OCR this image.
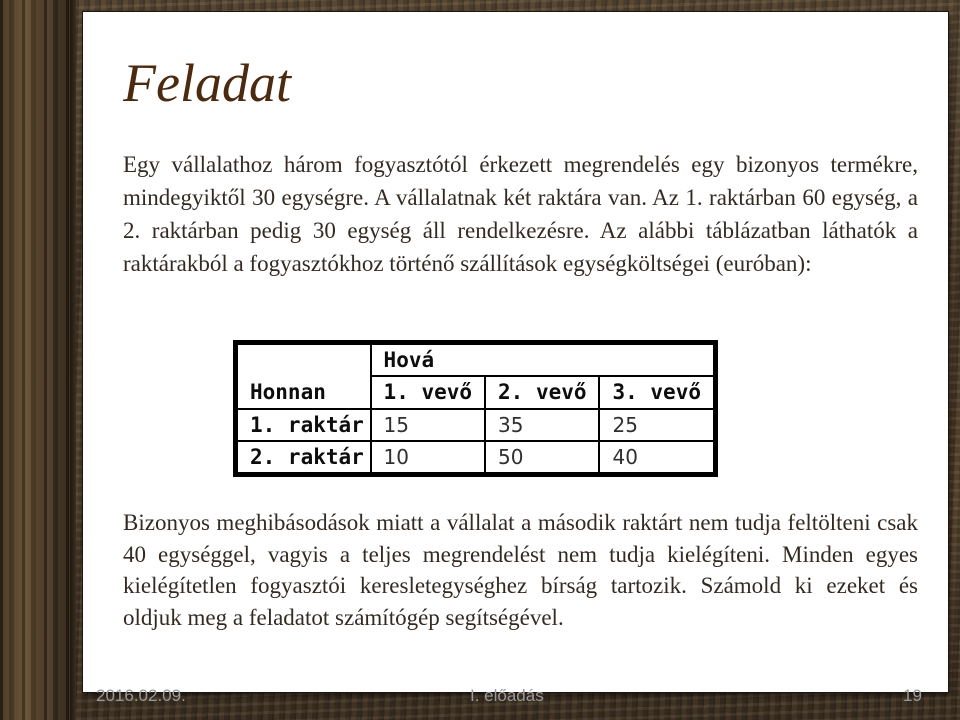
Feladat

Egy vállalathoz három fogyasztótól érkezett megrendelés egy bizonyos termékre, mindegyiktől 30 egységre. A vállalatnak két raktára van. Az 1. raktárban 60 egység, a 2. raktárban pedig 30 egység áll rendelkezésre. Az alábbi táblázatban láthatók a raktárakból a fogyasztókhoz történő szállítások egységköltségei (euróban):

	Hová		
Honnan	1. vevő	2. vevő	3. vevő
1. raktár	15	35	25
2. raktár	10	50	40

Bizonyos meghibásodások miatt a vállalat a második raktárt nem tudja feltölteni csak 40 egységgel, vagyis a teljes megrendelést nem tudja kielégíteni. Minden egyes kielégítetlen fogyasztói keresletegységhez bírság tartozik. Számold ki ezeket és oldjuk meg a feladatot számítógép segítségével.

2016.02.09.	I. előadás	19
